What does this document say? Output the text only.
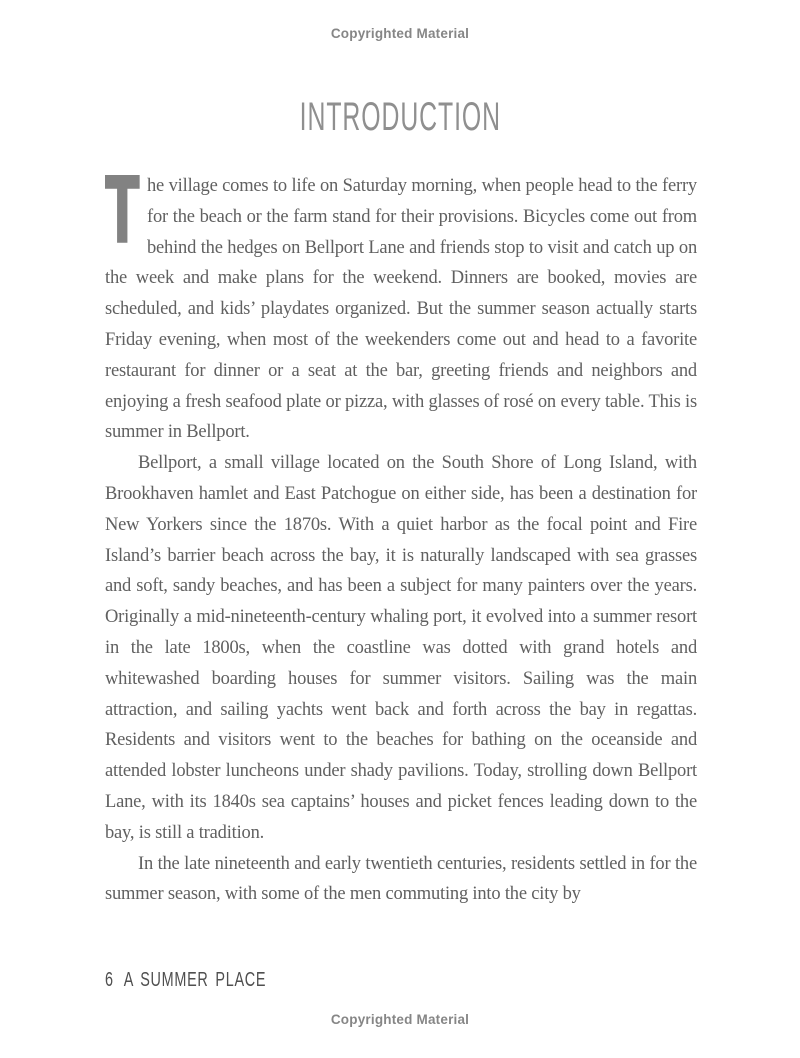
Copyrighted Material
INTRODUCTION

T he village comes to life on Saturday morning, when people head to the ferry for the beach or the farm stand for their provisions. Bicycles come out from behind the hedges on Bellport Lane and friends stop to visit and catch up on the week and make plans for the weekend. Dinners are booked, movies are scheduled, and kids’ playdates organized. But the summer season actually starts Friday evening, when most of the weekenders come out and head to a favorite restaurant for dinner or a seat at the bar, greeting friends and neighbors and enjoying a fresh seafood plate or pizza, with glasses of rosé on every table. This is summer in Bellport.

Bellport, a small village located on the South Shore of Long Island, with Brookhaven hamlet and East Patchogue on either side, has been a destination for New Yorkers since the 1870s. With a quiet harbor as the focal point and Fire Island’s barrier beach across the bay, it is naturally landscaped with sea grasses and soft, sandy beaches, and has been a subject for many painters over the years. Originally a mid-nineteenth-century whaling port, it evolved into a summer resort in the late 1800s, when the coastline was dotted with grand hotels and whitewashed boarding houses for summer visitors. Sailing was the main attraction, and sailing yachts went back and forth across the bay in regattas. Residents and visitors went to the beaches for bathing on the oceanside and attended lobster luncheons under shady pavilions. Today, strolling down Bellport Lane, with its 1840s sea captains’ houses and picket fences leading down to the bay, is still a tradition.

In the late nineteenth and early twentieth centuries, residents settled in for the summer season, with some of the men commuting into the city by

6 A SUMMER PLACE
Copyrighted Material
